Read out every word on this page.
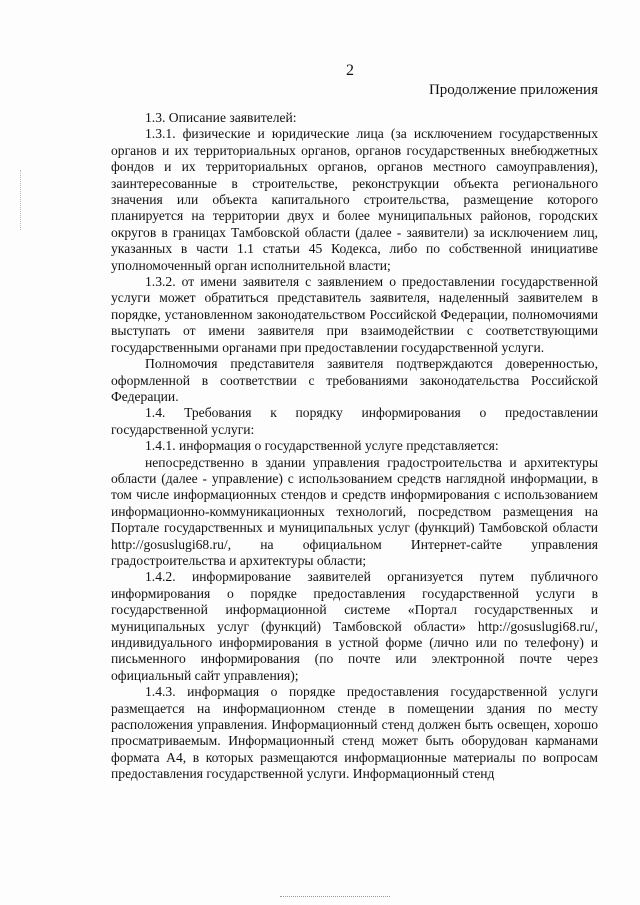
2
Продолжение приложения

1.3. Описание заявителей:

1.3.1. физические и юридические лица (за исключением государственных органов и их территориальных органов, органов государственных внебюджетных фондов и их территориальных органов, органов местного самоуправления), заинтересованные в строительстве, реконструкции объекта регионального значения или объекта капитального строительства, размещение которого планируется на территории двух и более муниципальных районов, городских округов в границах Тамбовской области (далее - заявители) за исключением лиц, указанных в части 1.1 статьи 45 Кодекса, либо по собственной инициативе уполномоченный орган исполнительной власти;

1.3.2. от имени заявителя с заявлением о предоставлении государственной услуги может обратиться представитель заявителя, наделенный заявителем в порядке, установленном законодательством Российской Федерации, полномочиями выступать от имени заявителя при взаимодействии с соответствующими государственными органами при предоставлении государственной услуги.

Полномочия представителя заявителя подтверждаются доверенностью, оформленной в соответствии с требованиями законодательства Российской Федерации.

1.4. Требования к порядку информирования о предоставлении государственной услуги:

1.4.1. информация о государственной услуге представляется:

непосредственно в здании управления градостроительства и архитектуры области (далее - управление) с использованием средств наглядной информации, в том числе информационных стендов и средств информирования с использованием информационно-коммуникационных технологий, посредством размещения на Портале государственных и муниципальных услуг (функций) Тамбовской области http://gosuslugi68.ru/, на официальном Интернет-сайте управления градостроительства и архитектуры области;

1.4.2. информирование заявителей организуется путем публичного информирования о порядке предоставления государственной услуги в государственной информационной системе «Портал государственных и муниципальных услуг (функций) Тамбовской области» http://gosuslugi68.ru/, индивидуального информирования в устной форме (лично или по телефону) и письменного информирования (по почте или электронной почте через официальный сайт управления);

1.4.3. информация о порядке предоставления государственной услуги размещается на информационном стенде в помещении здания по месту расположения управления. Информационный стенд должен быть освещен, хорошо просматриваемым. Информационный стенд может быть оборудован карманами формата А4, в которых размещаются информационные материалы по вопросам предоставления государственной услуги. Информационный стенд
